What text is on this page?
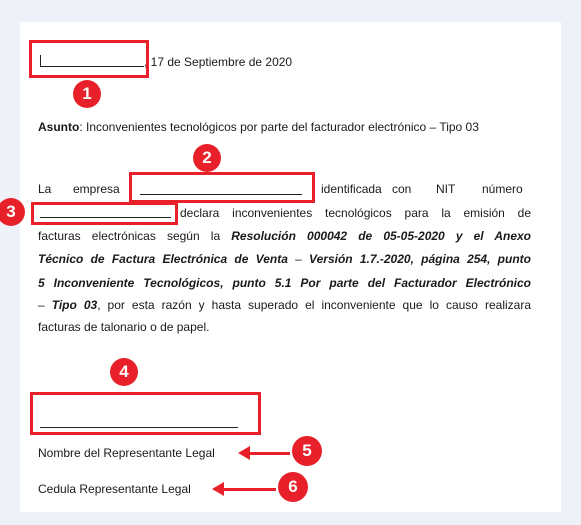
, 17 de Septiembre de 2020
1
Asunto: Inconvenientes tecnológicos por parte del facturador electrónico – Tipo 03
2
La empresa	identificada con NIT número
3	declara inconvenientes tecnológicos para la emisión de
facturas electrónicas según la Resolución 000042 de 05-05-2020 y el Anexo
Técnico de Factura Electrónica de Venta – Versión 1.7.-2020, página 254, punto
5 Inconveniente Tecnológicos, punto 5.1 Por parte del Facturador Electrónico
– Tipo 03, por esta razón y hasta superado el inconveniente que lo causo realizara
facturas de talonario o de papel.
4
Nombre del Representante Legal	5
Cedula Representante Legal	6
